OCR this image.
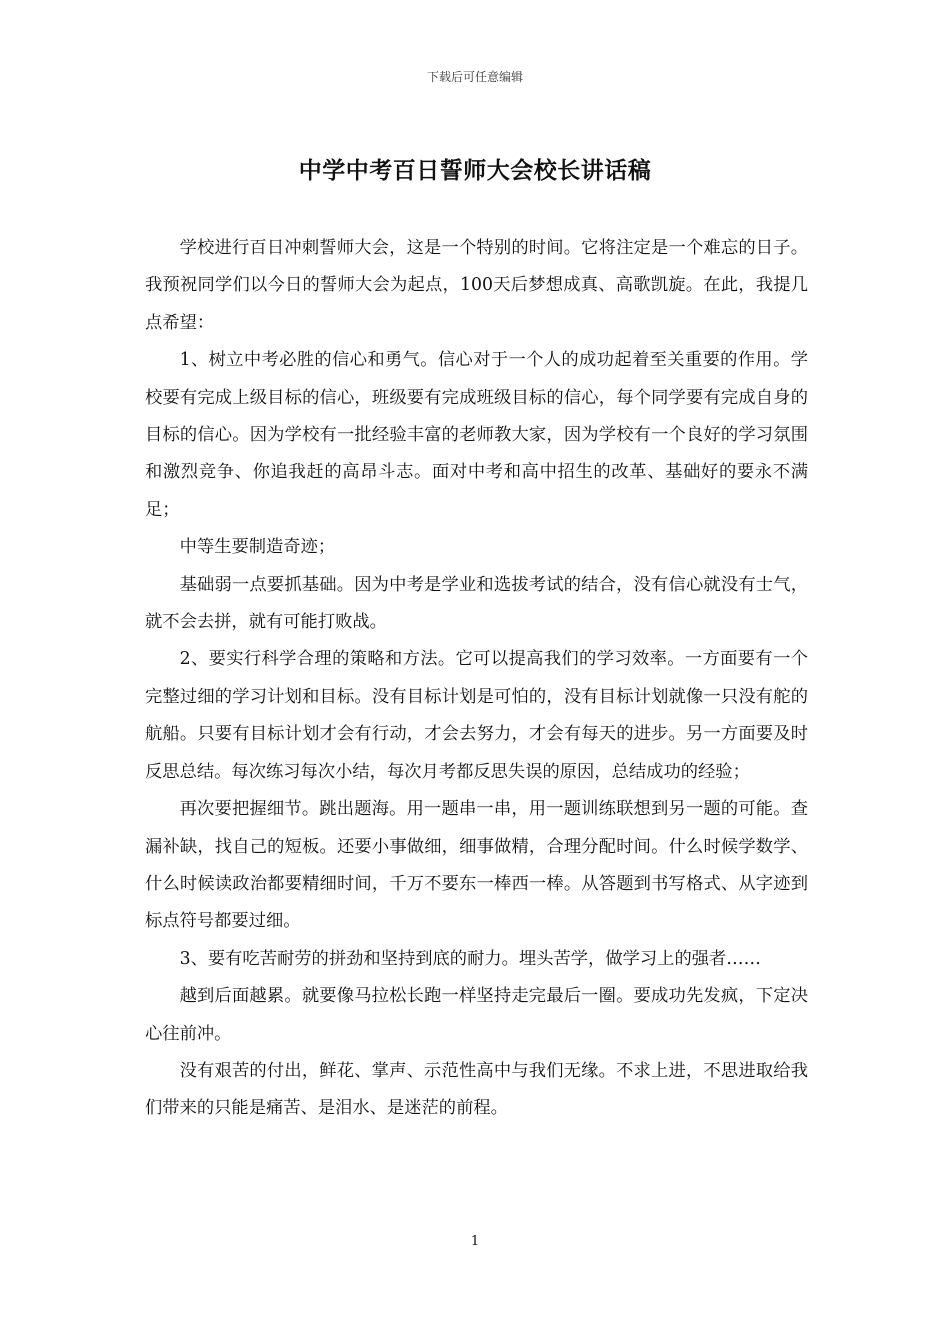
下载后可任意编辑
中学中考百日誓师大会校长讲话稿

学校进行百日冲刺誓师大会，这是一个特别的时间。它将注定是一个难忘的日子。我预祝同学们以今日的誓师大会为起点，100天后梦想成真、高歌凯旋。在此，我提几点希望：

1、树立中考必胜的信心和勇气。信心对于一个人的成功起着至关重要的作用。学校要有完成上级目标的信心，班级要有完成班级目标的信心，每个同学要有完成自身的目标的信心。因为学校有一批经验丰富的老师教大家，因为学校有一个良好的学习氛围和激烈竞争、你追我赶的高昂斗志。面对中考和高中招生的改革、基础好的要永不满足；

中等生要制造奇迹；

基础弱一点要抓基础。因为中考是学业和选拔考试的结合，没有信心就没有士气，就不会去拼，就有可能打败战。

2、要实行科学合理的策略和方法。它可以提高我们的学习效率。一方面要有一个完整过细的学习计划和目标。没有目标计划是可怕的，没有目标计划就像一只没有舵的航船。只要有目标计划才会有行动，才会去努力，才会有每天的进步。另一方面要及时反思总结。每次练习每次小结，每次月考都反思失误的原因，总结成功的经验；

再次要把握细节。跳出题海。用一题串一串，用一题训练联想到另一题的可能。查漏补缺，找自己的短板。还要小事做细，细事做精，合理分配时间。什么时候学数学、什么时候读政治都要精细时间，千万不要东一棒西一棒。从答题到书写格式、从字迹到标点符号都要过细。

3、要有吃苦耐劳的拼劲和坚持到底的耐力。埋头苦学，做学习上的强者……

越到后面越累。就要像马拉松长跑一样坚持走完最后一圈。要成功先发疯，下定决心往前冲。

没有艰苦的付出，鲜花、掌声、示范性高中与我们无缘。不求上进，不思进取给我们带来的只能是痛苦、是泪水、是迷茫的前程。

1
